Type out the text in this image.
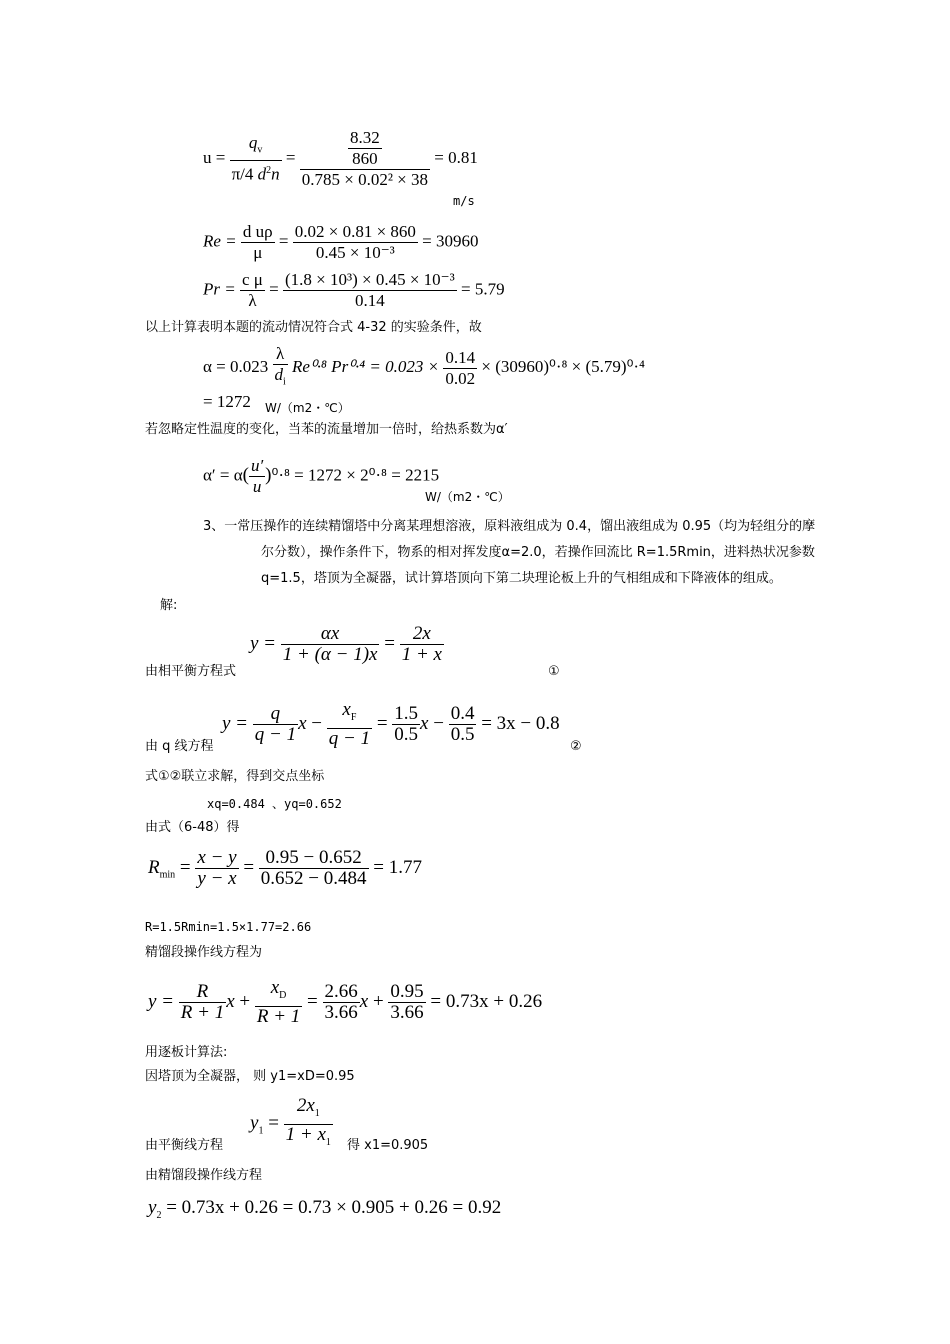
$u = \frac{q_v}{\pi/4 d^2n} = \frac{\frac{8.32}{860}}{\text{0.785 × 0.02² × 38}} = 0.81$
m/s
$Re = \frac{\text{d uρ}}{\mu} = \frac{0.02 \times 0.81 \times 860}{\text{0.45 × 10⁻³}} = 30960$
$Pr = \frac{\text{c μ}}{\lambda} = \frac{\text{(1.8 × 10³) × 0.45 × 10⁻³}}{0.14} = 5.79$
以上计算表明本题的流动情况符合式 4-32 的实验条件，故
$\alpha = 0.023 \frac{\lambda}{d_i} Re^0\cdot^8$ $Pr^0\cdot^4 = 0.023 \times \frac{0.14}{0.02} \times (30960)^0\cdot^8 \times (5.79)^0\cdot^4$
= 1272 W/（m2・℃）
若忽略定性温度的变化，当苯的流量增加一倍时，给热系数为α′
$\alpha' = \alpha( \frac{u'}{u} )^0\cdot^8 = 1272 \times 2^0\cdot^8 = 2215$
W/（m2・℃）
3、一常压操作的连续精馏塔中分离某理想溶液，原料液组成为 0.4，馏出液组成为 0.95（均为轻组分的摩尔分数），操作条件下，物系的相对挥发度α=2.0，若操作回流比 R=1.5Rmin，进料热状况参数 q=1.5，塔顶为全凝器，试计算塔顶向下第二块理论板上升的气相组成和下降液体的组成。
解:
$y = \frac{\alpha x}{1 + (\alpha - 1)x} = \frac{2x}{1 + x}$
由相平衡方程式	①
$y = \frac{q}{q - 1}$ $x - \frac{x_F}{q - 1} = \frac{1.5}{0.5}$ $x - \frac{0.4}{0.5} = 3x - 0.8$
由 q 线方程	②
式①②联立求解，得到交点坐标
xq=0.484 、yq=0.652
由式（6-48）得
$R_{min} = \frac{x - y}{y - x} = \frac{0.95 - 0.652}{0.652 - 0.484} = 1.77$
R=1.5Rmin=1.5×1.77=2.66
精馏段操作线方程为
$y = \frac{R}{R + 1}$ $x + \frac{x_D}{R + 1} = \frac{2.66}{3.66}$ $x + \frac{0.95}{3.66} = 0.73x + 0.26$
用逐板计算法:
因塔顶为全凝器， 则 y1=xD=0.95
$y_1 = \frac{2x_1}{1 + x_1}$
由平衡线方程	得 x1=0.905
由精馏段操作线方程
$y_2 = 0.73x + 0.26 = 0.73 \times 0.905 + 0.26 = 0.92$
